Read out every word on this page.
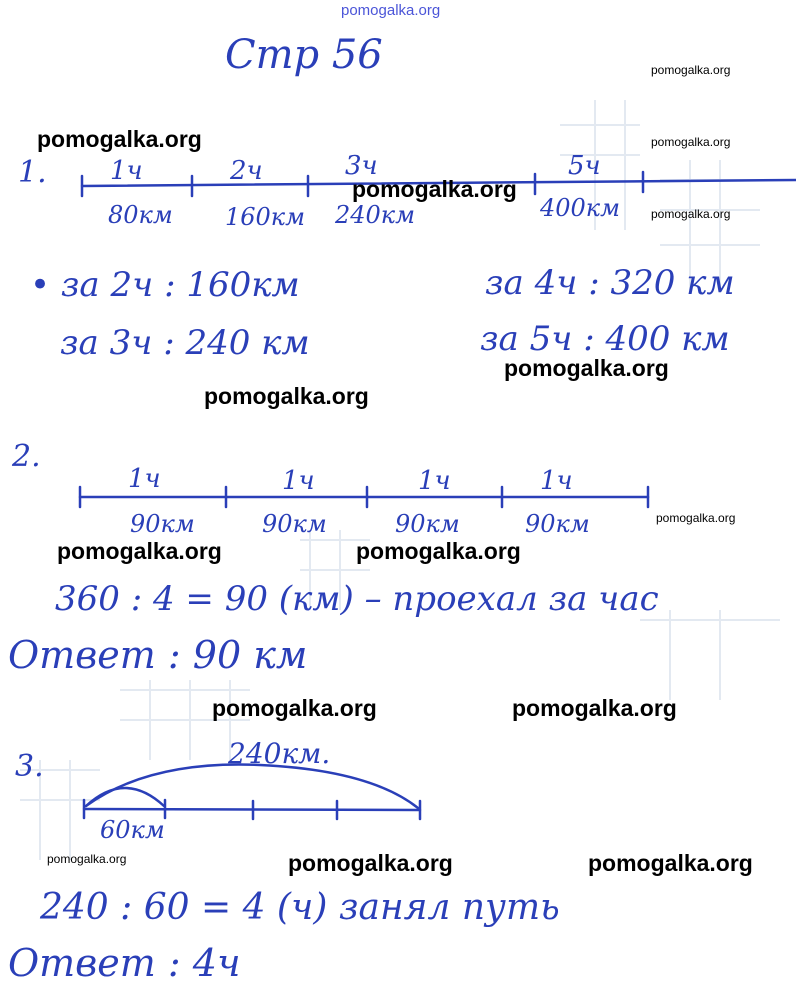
pomogalka.org
Стр 56
1. 1ч	2ч	3ч	5ч
80км 160км 240км	400км
• за 2ч : 160км
за 3ч : 240 км
за 4ч : 320 км
за 5ч : 400 км
2.
1ч	1ч	1ч	1ч
90км	90км	90км	90км
360 : 4 = 90 (км) – проехал за час
Ответ : 90 км
3.	240км.
60км
240 : 60 = 4 (ч) занял путь
Ответ : 4ч
pomogalka.org
pomogalka.org
pomogalka.org
pomogalka.org
pomogalka.org
pomogalka.org
pomogalka.org
pomogalka.org
pomogalka.org
pomogalka.org	pomogalka.org
pomogalka.org	pomogalka.org
pomogalka.org	pomogalka.org
